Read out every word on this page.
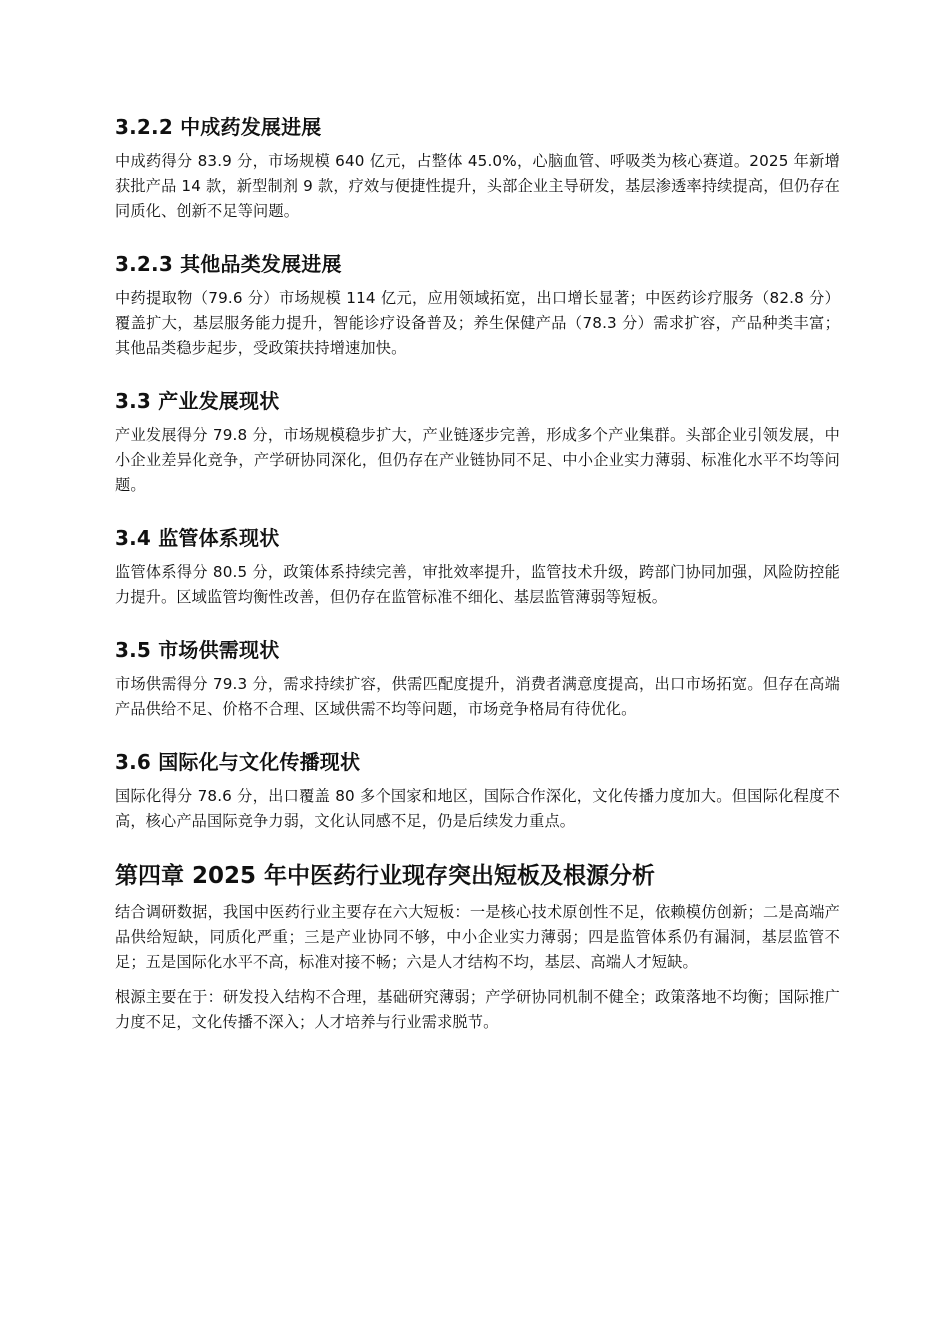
3.2.2 中成药发展进展

中成药得分 83.9 分，市场规模 640 亿元，占整体 45.0%，心脑血管、呼吸类为核心赛道。2025 年新增获批产品 14 款，新型制剂 9 款，疗效与便捷性提升，头部企业主导研发，基层渗透率持续提高，但仍存在同质化、创新不足等问题。

3.2.3 其他品类发展进展

中药提取物（79.6 分）市场规模 114 亿元，应用领域拓宽，出口增长显著；中医药诊疗服务（82.8 分）覆盖扩大，基层服务能力提升，智能诊疗设备普及；养生保健产品（78.3 分）需求扩容，产品种类丰富；其他品类稳步起步，受政策扶持增速加快。

3.3 产业发展现状

产业发展得分 79.8 分，市场规模稳步扩大，产业链逐步完善，形成多个产业集群。头部企业引领发展，中小企业差异化竞争，产学研协同深化，但仍存在产业链协同不足、中小企业实力薄弱、标准化水平不均等问题。

3.4 监管体系现状

监管体系得分 80.5 分，政策体系持续完善，审批效率提升，监管技术升级，跨部门协同加强，风险防控能力提升。区域监管均衡性改善，但仍存在监管标准不细化、基层监管薄弱等短板。

3.5 市场供需现状

市场供需得分 79.3 分，需求持续扩容，供需匹配度提升，消费者满意度提高，出口市场拓宽。但存在高端产品供给不足、价格不合理、区域供需不均等问题，市场竞争格局有待优化。

3.6 国际化与文化传播现状

国际化得分 78.6 分，出口覆盖 80 多个国家和地区，国际合作深化，文化传播力度加大。但国际化程度不高，核心产品国际竞争力弱，文化认同感不足，仍是后续发力重点。

第四章 2025 年中医药行业现存突出短板及根源分析

结合调研数据，我国中医药行业主要存在六大短板：一是核心技术原创性不足，依赖模仿创新；二是高端产品供给短缺，同质化严重；三是产业协同不够，中小企业实力薄弱；四是监管体系仍有漏洞，基层监管不足；五是国际化水平不高，标准对接不畅；六是人才结构不均，基层、高端人才短缺。

根源主要在于：研发投入结构不合理，基础研究薄弱；产学研协同机制不健全；政策落地不均衡；国际推广力度不足，文化传播不深入；人才培养与行业需求脱节。
